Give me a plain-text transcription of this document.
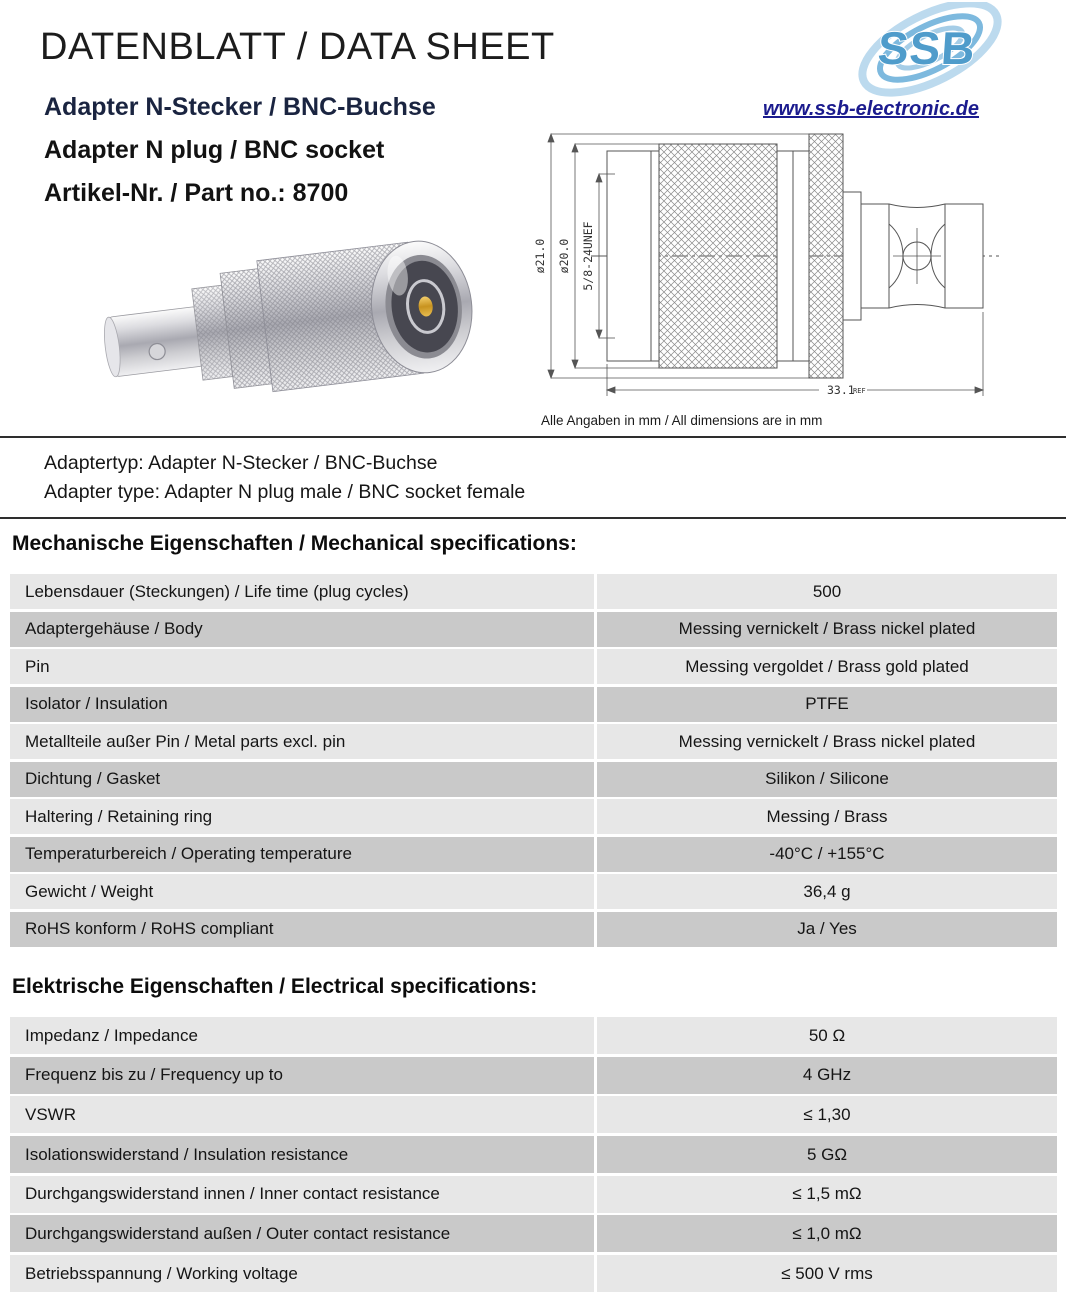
DATENBLATT / DATA SHEET
Adapter N-Stecker / BNC-Buchse
Adapter N plug / BNC socket
Artikel-Nr. / Part no.: 8700
SSB
www.ssb-electronic.de
ø21.0 ø20.0 5/8-24UNEF
33.1
REF
Alle Angaben in mm / All dimensions are in mm
Adaptertyp: Adapter N-Stecker / BNC-Buchse
Adapter type: Adapter N plug male / BNC socket female
Mechanische Eigenschaften / Mechanical specifications:
Lebensdauer (Steckungen) / Life time (plug cycles)	500
Adaptergehäuse / Body	Messing vernickelt / Brass nickel plated
Pin	Messing vergoldet / Brass gold plated
Isolator / Insulation	PTFE
Metallteile außer Pin / Metal parts excl. pin	Messing vernickelt / Brass nickel plated
Dichtung / Gasket	Silikon / Silicone
Haltering / Retaining ring	Messing / Brass
Temperaturbereich / Operating temperature	-40°C / +155°C
Gewicht / Weight	36,4 g
RoHS konform / RoHS compliant	Ja / Yes
Elektrische Eigenschaften / Electrical specifications:
Impedanz / Impedance	50 Ω
Frequenz bis zu / Frequency up to	4 GHz
VSWR	≤ 1,30
Isolationswiderstand / Insulation resistance	5 GΩ
Durchgangswiderstand innen / Inner contact resistance	≤ 1,5 mΩ
Durchgangswiderstand außen / Outer contact resistance	≤ 1,0 mΩ
Betriebsspannung / Working voltage	≤ 500 V rms
